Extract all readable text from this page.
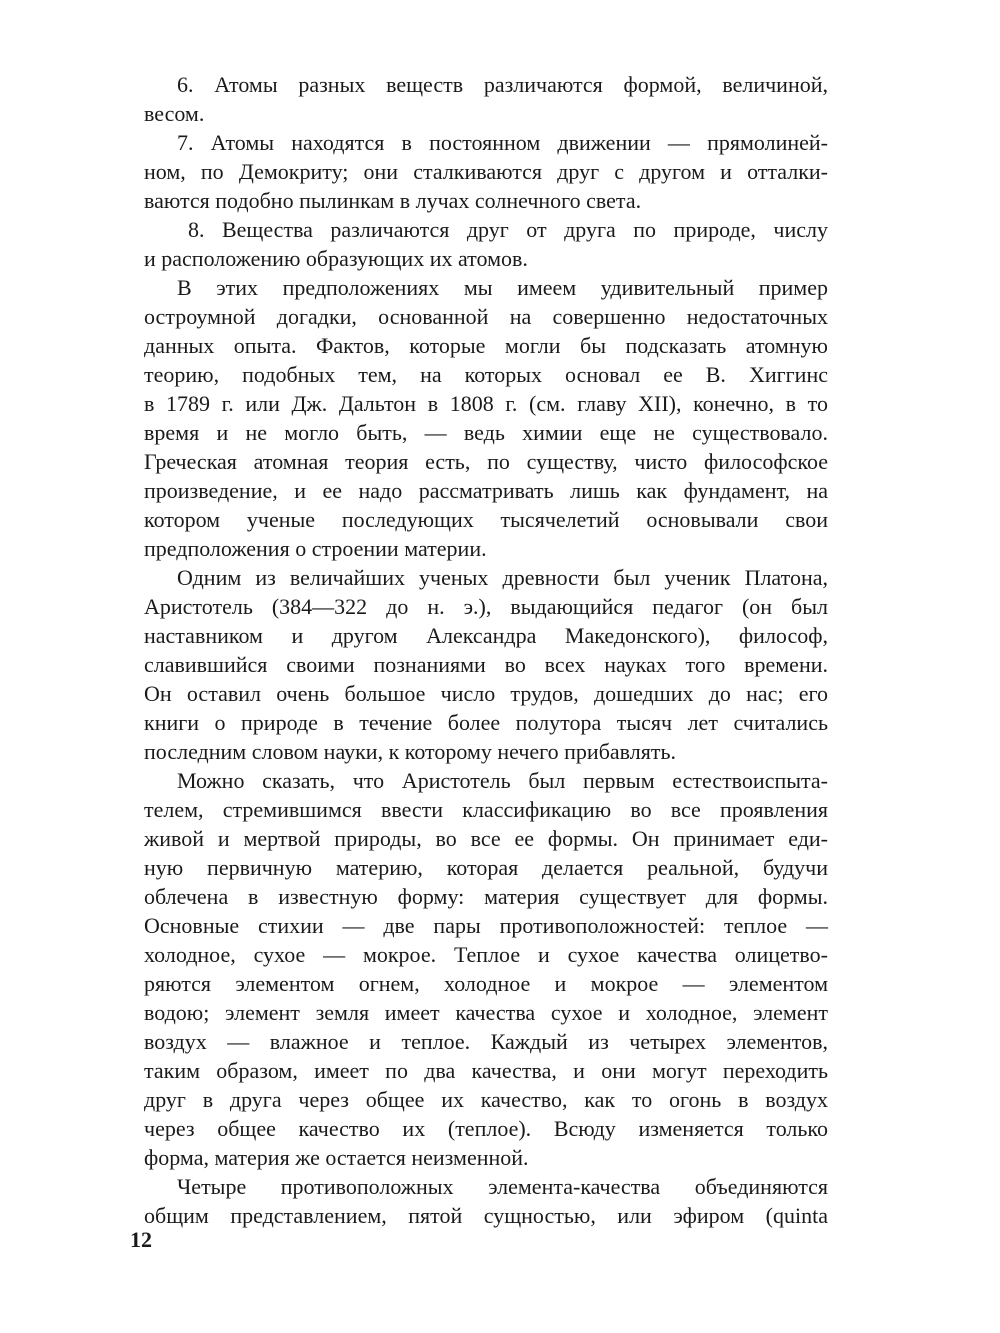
6. Атомы разных веществ различаются формой, величиной,
весом.
7. Атомы находятся в постоянном движении — прямолиней-
ном, по Демокриту; они сталкиваются друг с другом и отталки-
ваются подобно пылинкам в лучах солнечного света.
8. Вещества различаются друг от друга по природе, числу
и расположению образующих их атомов.
В этих предположениях мы имеем удивительный пример
остроумной догадки, основанной на совершенно недостаточных
данных опыта. Фактов, которые могли бы подсказать атомную
теорию, подобных тем, на которых основал ее В. Хиггинс
в 1789 г. или Дж. Дальтон в 1808 г. (см. главу XII), конечно, в то
время и не могло быть, — ведь химии еще не существовало.
Греческая атомная теория есть, по существу, чисто философское
произведение, и ее надо рассматривать лишь как фундамент, на
котором ученые последующих тысячелетий основывали свои
предположения о строении материи.
Одним из величайших ученых древности был ученик Платона,
Аристотель (384—322 до н. э.), выдающийся педагог (он был
наставником и другом Александра Македонского), философ,
славившийся своими познаниями во всех науках того времени.
Он оставил очень большое число трудов, дошедших до нас; его
книги о природе в течение более полутора тысяч лет считались
последним словом науки, к которому нечего прибавлять.
Можно сказать, что Аристотель был первым естествоиспыта-
телем, стремившимся ввести классификацию во все проявления
живой и мертвой природы, во все ее формы. Он принимает еди-
ную первичную материю, которая делается реальной, будучи
облечена в известную форму: материя существует для формы.
Основные стихии — две пары противоположностей: теплое —
холодное, сухое — мокрое. Теплое и сухое качества олицетво-
ряются элементом огнем, холодное и мокрое — элементом
водою; элемент земля имеет качества сухое и холодное, элемент
воздух — влажное и теплое. Каждый из четырех элементов,
таким образом, имеет по два качества, и они могут переходить
друг в друга через общее их качество, как то огонь в воздух
через общее качество их (теплое). Всюду изменяется только
форма, материя же остается неизменной.
Четыре противоположных элемента-качества объединяются
общим представлением, пятой сущностью, или эфиром (quinta
12
